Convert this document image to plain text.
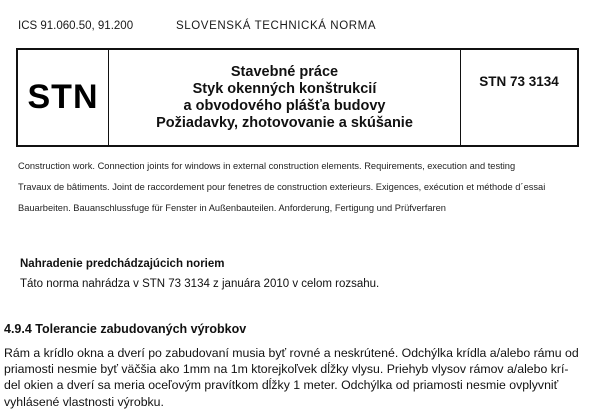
ICS 91.060.50, 91.200	SLOVENSKÁ TECHNICKÁ NORMA
STN
Stavebné práce
Styk okenných konštrukcií
a obvodového plášťa budovy
Požiadavky, zhotovovanie a skúšanie
STN 73 3134
Construction work. Connection joints for windows in external construction elements. Requirements, execution and testing
Travaux de bâtiments. Joint de raccordement pour fenetres de construction exterieurs. Exigences, exécution et méthode d´essai
Bauarbeiten. Bauanschlussfuge für Fenster in Außenbauteilen. Anforderung, Fertigung und Prüfverfaren
Nahradenie predchádzajúcich noriem
Táto norma nahrádza v STN 73 3134 z januára 2010 v celom rozsahu.
4.9.4 Tolerancie zabudovaných výrobkov
Rám a krídlo okna a dverí po zabudovaní musia byť rovné a neskrútené. Odchýlka krídla a/alebo rámu od
priamosti nesmie byť väčšia ako 1mm na 1m ktorejkoľvek dĺžky vlysu. Priehyb vlysov rámov a/alebo krí-
del okien a dverí sa meria oceľovým pravítkom dĺžky 1 meter. Odchýlka od priamosti nesmie ovplyvniť
vyhlásené vlastnosti výrobku.
